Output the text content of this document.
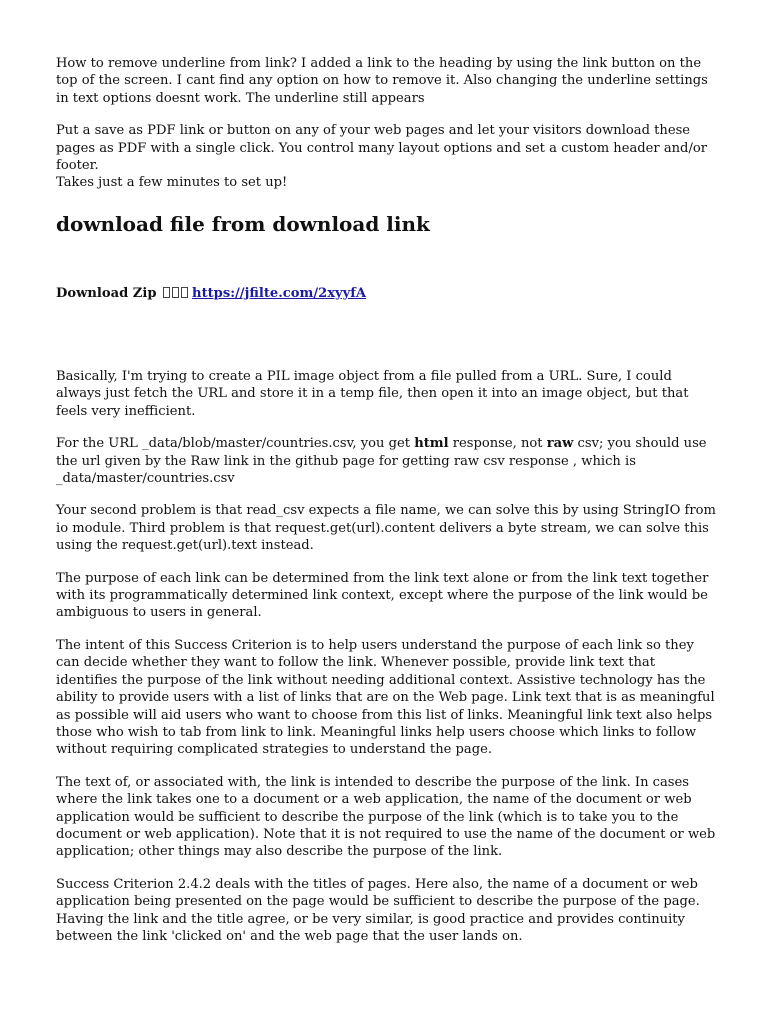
How to remove underline from link? I added a link to the heading by using the link button on the top of the screen. I cant find any option on how to remove it. Also changing the underline settings in text options doesnt work. The underline still appears

Put a save as PDF link or button on any of your web pages and let your visitors download these pages as PDF with a single click. You control many layout options and set a custom header and/or footer.

Takes just a few minutes to set up!

download file from download link
Download Zip	https://jfilte.com/2xyyfA

Basically, I'm trying to create a PIL image object from a file pulled from a URL. Sure, I could always just fetch the URL and store it in a temp file, then open it into an image object, but that feels very inefficient.

For the URL _data/blob/master/countries.csv, you get html response, not raw csv; you should use the url given by the Raw link in the github page for getting raw csv response , which is _data/master/countries.csv

Your second problem is that read_csv expects a file name, we can solve this by using StringIO from io module. Third problem is that request.get(url).content delivers a byte stream, we can solve this using the request.get(url).text instead.

The purpose of each link can be determined from the link text alone or from the link text together with its programmatically determined link context, except where the purpose of the link would be ambiguous to users in general.

The intent of this Success Criterion is to help users understand the purpose of each link so they can decide whether they want to follow the link. Whenever possible, provide link text that identifies the purpose of the link without needing additional context. Assistive technology has the ability to provide users with a list of links that are on the Web page. Link text that is as meaningful as possible will aid users who want to choose from this list of links. Meaningful link text also helps those who wish to tab from link to link. Meaningful links help users choose which links to follow without requiring complicated strategies to understand the page.

The text of, or associated with, the link is intended to describe the purpose of the link. In cases where the link takes one to a document or a web application, the name of the document or web application would be sufficient to describe the purpose of the link (which is to take you to the document or web application). Note that it is not required to use the name of the document or web application; other things may also describe the purpose of the link.

Success Criterion 2.4.2 deals with the titles of pages. Here also, the name of a document or web application being presented on the page would be sufficient to describe the purpose of the page. Having the link and the title agree, or be very similar, is good practice and provides continuity between the link 'clicked on' and the web page that the user lands on.
